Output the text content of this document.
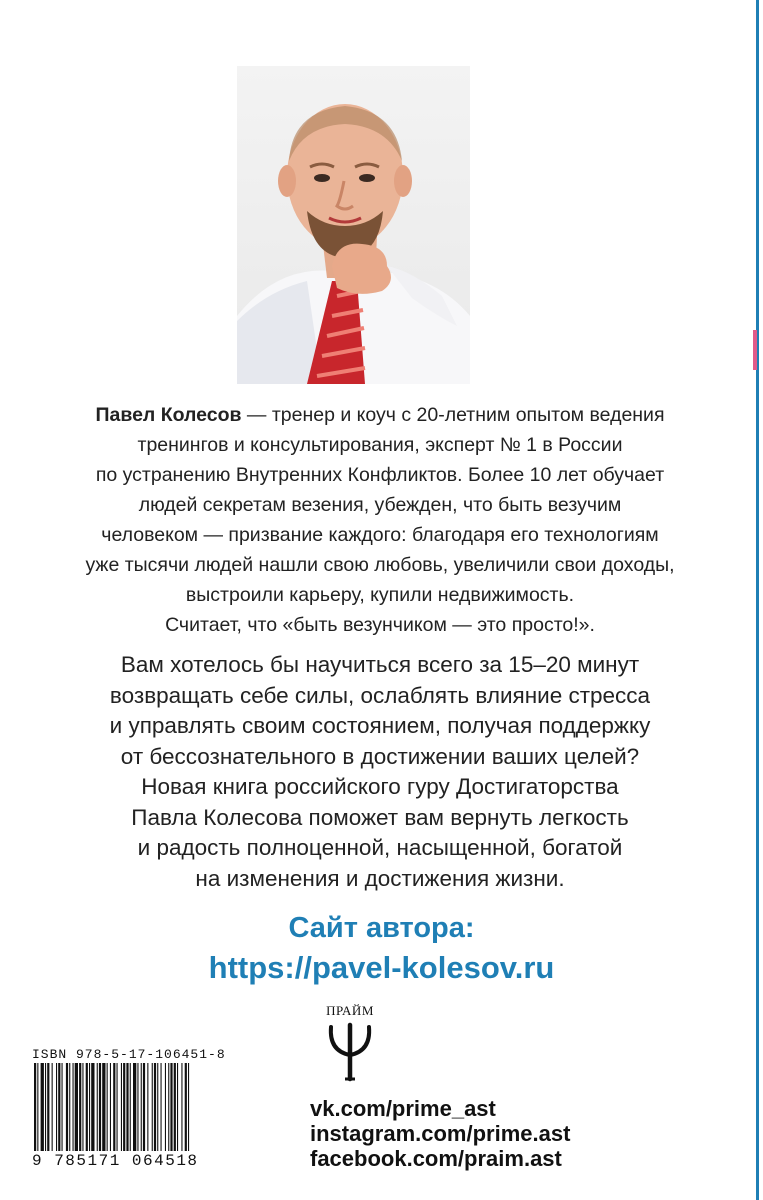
Павел Колесов — тренер и коуч с 20-летним опытом ведения
тренингов и консультирования, эксперт № 1 в России
по устранению Внутренних Конфликтов. Более 10 лет обучает
людей секретам везения, убежден, что быть везучим
человеком — призвание каждого: благодаря его технологиям
уже тысячи людей нашли свою любовь, увеличили свои доходы,
выстроили карьеру, купили недвижимость.
Считает, что «быть везунчиком — это просто!».
Вам хотелось бы научиться всего за 15–20 минут
возвращать себе силы, ослаблять влияние стресса
и управлять своим состоянием, получая поддержку
от бессознательного в достижении ваших целей?
Новая книга российского гуру Достигаторства
Павла Колесова поможет вам вернуть легкость
и радость полноценной, насыщенной, богатой
на изменения и достижения жизни.
Сайт автора:
https://pavel-kolesov.ru
ПРАЙМ
ISBN 978-5-17-106451-8
9 785171 064518
vk.com/prime_ast
instagram.com/prime.ast
facebook.com/praim.ast
